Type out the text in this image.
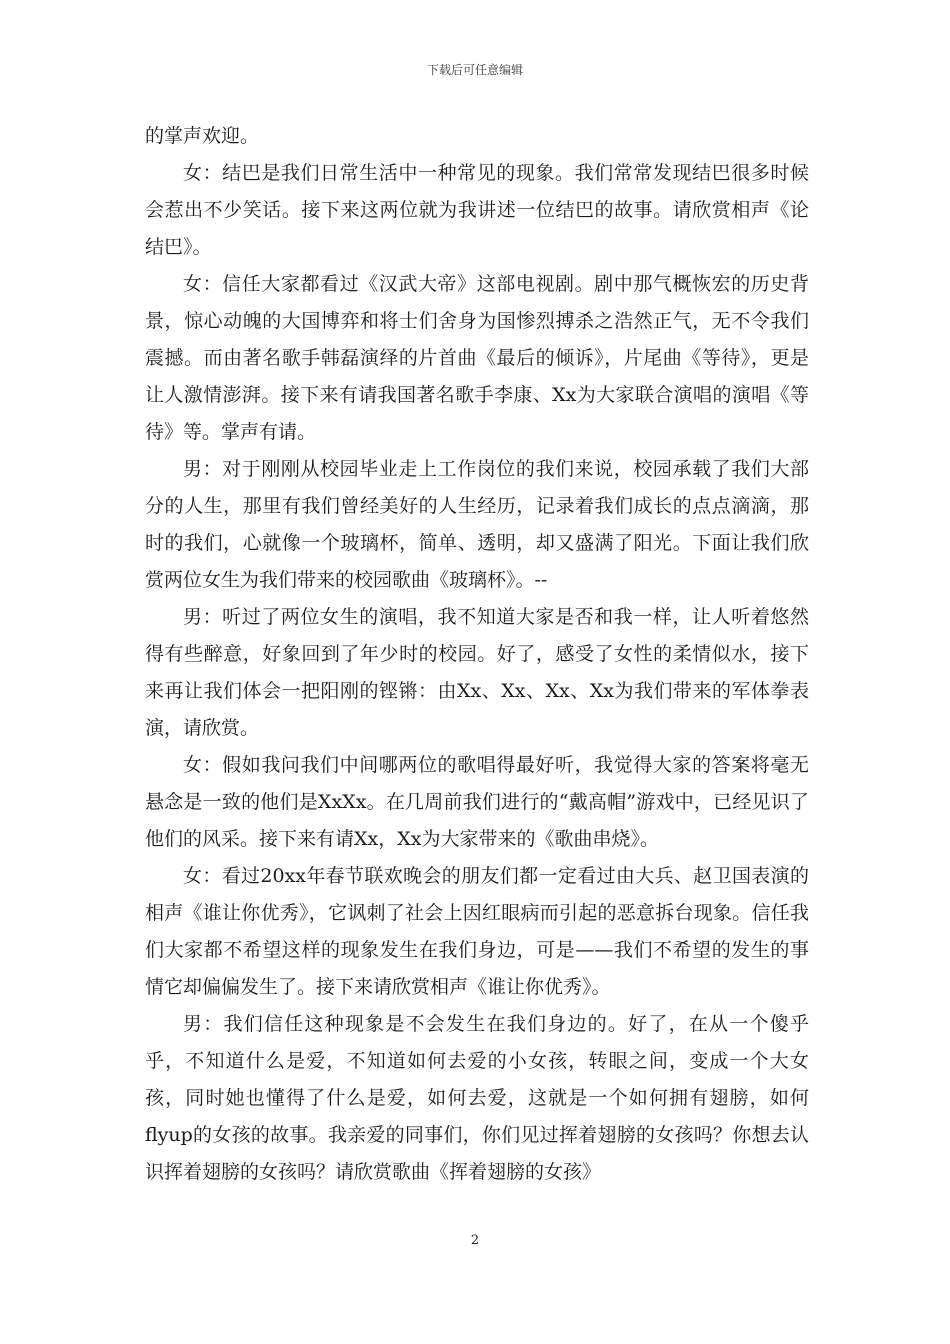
下载后可任意编辑

的掌声欢迎。

女：结巴是我们日常生活中一种常见的现象。我们常常发现结巴很多时候会惹出不少笑话。接下来这两位就为我讲述一位结巴的故事。请欣赏相声《论结巴》。

女：信任大家都看过《汉武大帝》这部电视剧。剧中那气概恢宏的历史背景，惊心动魄的大国博弈和将士们舍身为国惨烈搏杀之浩然正气，无不令我们震撼。而由著名歌手韩磊演绎的片首曲《最后的倾诉》，片尾曲《等待》，更是让人激情澎湃。接下来有请我国著名歌手李康、Xx为大家联合演唱的演唱《等待》等。掌声有请。

男：对于刚刚从校园毕业走上工作岗位的我们来说，校园承载了我们大部分的人生，那里有我们曾经美好的人生经历，记录着我们成长的点点滴滴，那时的我们，心就像一个玻璃杯，简单、透明，却又盛满了阳光。下面让我们欣赏两位女生为我们带来的校园歌曲《玻璃杯》。--

男：听过了两位女生的演唱，我不知道大家是否和我一样，让人听着悠然得有些醉意，好象回到了年少时的校园。好了，感受了女性的柔情似水，接下来再让我们体会一把阳刚的铿锵：由Xx、Xx、Xx、Xx为我们带来的军体拳表演，请欣赏。

女：假如我问我们中间哪两位的歌唱得最好听，我觉得大家的答案将毫无悬念是一致的他们是XxXx。在几周前我们进行的“戴高帽”游戏中，已经见识了他们的风采。接下来有请Xx，Xx为大家带来的《歌曲串烧》。

女：看过20xx年春节联欢晚会的朋友们都一定看过由大兵、赵卫国表演的相声《谁让你优秀》，它讽刺了社会上因红眼病而引起的恶意拆台现象。信任我们大家都不希望这样的现象发生在我们身边，可是——我们不希望的发生的事情它却偏偏发生了。接下来请欣赏相声《谁让你优秀》。

男：我们信任这种现象是不会发生在我们身边的。好了，在从一个傻乎乎，不知道什么是爱，不知道如何去爱的小女孩，转眼之间，变成一个大女孩，同时她也懂得了什么是爱，如何去爱，这就是一个如何拥有翅膀，如何flyup的女孩的故事。我亲爱的同事们，你们见过挥着翅膀的女孩吗？你想去认识挥着翅膀的女孩吗？请欣赏歌曲《挥着翅膀的女孩》

2
